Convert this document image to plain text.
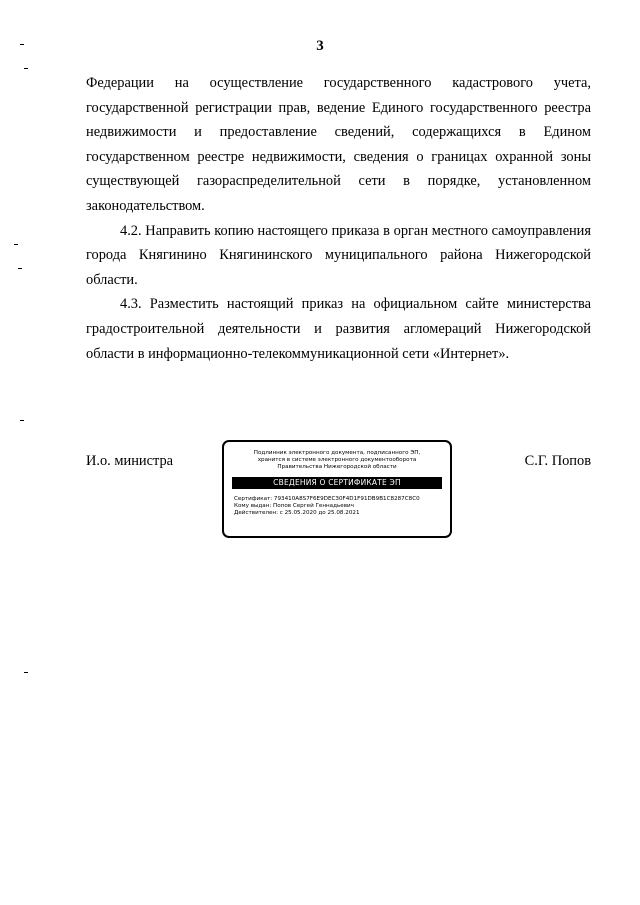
3

Федерации на осуществление государственного кадастрового учета, государственной регистрации прав, ведение Единого государственного реестра недвижимости и предоставление сведений, содержащихся в Едином государственном реестре недвижимости, сведения о границах охранной зоны существующей газораспределительной сети в порядке, установленном законодательством.

4.2. Направить копию настоящего приказа в орган местного самоуправления города Княгинино Княгининского муниципального района Нижегородской области.

4.3. Разместить настоящий приказ на официальном сайте министерства градостроительной деятельности и развития агломераций Нижегородской области в информационно-телекоммуникационной сети «Интернет».

И.о. министра	Подлинник электронного документа, подписанного ЭП,
хранится в системе электронного документооборота
Правительства Нижегородской области
СВЕДЕНИЯ О СЕРТИФИКАТЕ ЭП
Сертификат: 793410A8S7F6E9DEC30F4D1F91DB9B1C8287C8C0
Кому выдан: Попов Сергей Геннадьевич
Действителен: с 25.05.2020 до 25.08.2021
С.Г. Попов
